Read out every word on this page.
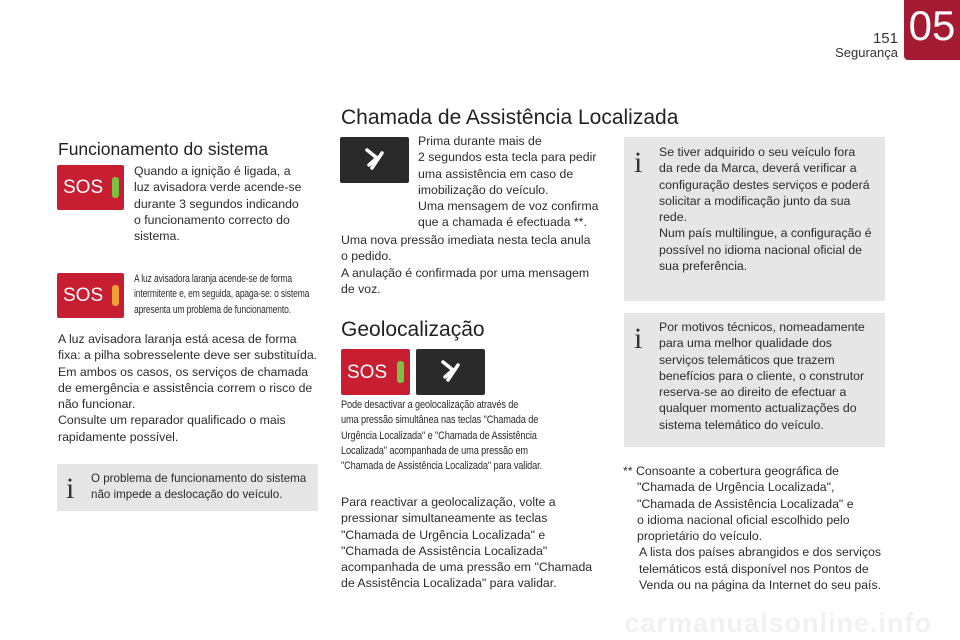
151
Segurança
05
Funcionamento do sistema
SOS
Quando a ignição é ligada, a
luz avisadora verde acende-se
durante 3 segundos indicando
o funcionamento correcto do
sistema.
SOS
A luz avisadora laranja acende-se de forma
intermitente e, em seguida, apaga-se: o sistema
apresenta um problema de funcionamento.
A luz avisadora laranja está acesa de forma
fixa: a pilha sobresselente deve ser substituída.
Em ambos os casos, os serviços de chamada
de emergência e assistência correm o risco de
não funcionar.
Consulte um reparador qualificado o mais
rapidamente possível.
i O problema de funcionamento do sistema
não impede a deslocação do veículo.
Chamada de Assistência Localizada
Prima durante mais de
2 segundos esta tecla para pedir
uma assistência em caso de
imobilização do veículo.
Uma mensagem de voz confirma
que a chamada é efectuada **.
Uma nova pressão imediata nesta tecla anula
o pedido.
A anulação é confirmada por uma mensagem
de voz.
Geolocalização
SOS
Pode desactivar a geolocalização através de
uma pressão simultânea nas teclas "Chamada de
Urgência Localizada" e "Chamada de Assistência
Localizada" acompanhada de uma pressão em
"Chamada de Assistência Localizada" para validar.
Para reactivar a geolocalização, volte a
pressionar simultaneamente as teclas
"Chamada de Urgência Localizada" e
"Chamada de Assistência Localizada"
acompanhada de uma pressão em "Chamada
de Assistência Localizada" para validar.
i Se tiver adquirido o seu veículo fora
da rede da Marca, deverá verificar a
configuração destes serviços e poderá
solicitar a modificação junto da sua
rede.
Num país multilingue, a configuração é
possível no idioma nacional oficial de
sua preferência.
i Por motivos técnicos, nomeadamente
para uma melhor qualidade dos
serviços telemáticos que trazem
benefícios para o cliente, o construtor
reserva-se ao direito de efectuar a
qualquer momento actualizações do
sistema telemático do veículo.
** Consoante a cobertura geográfica de
"Chamada de Urgência Localizada",
"Chamada de Assistência Localizada" e
o idioma nacional oficial escolhido pelo
proprietário do veículo.
A lista dos países abrangidos e dos serviços
telemáticos está disponível nos Pontos de
Venda ou na página da Internet do seu país.
carmanualsonline.info
